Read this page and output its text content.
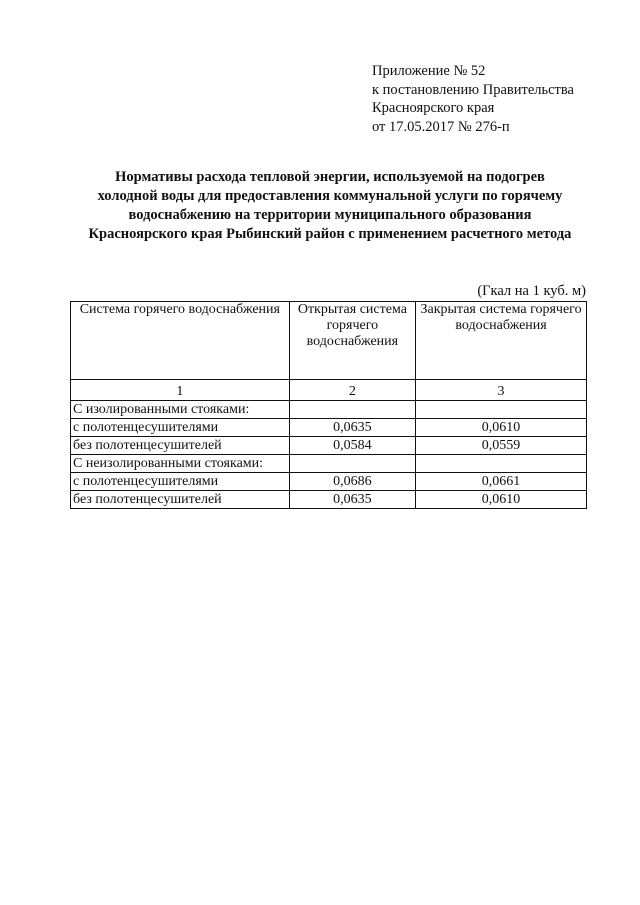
Приложение № 52
к постановлению Правительства
Красноярского края
от 17.05.2017 № 276-п
Нормативы расхода тепловой энергии, используемой на подогрев
холодной воды для предоставления коммунальной услуги по горячему
водоснабжению на территории муниципального образования
Красноярского края Рыбинский район с применением расчетного метода
(Гкал на 1 куб. м)
Система горячего водоснабжения	Открытая система горячего водоснабжения	Закрытая система горячего водоснабжения
1	2	3
С изолированными стояками:		
с полотенцесушителями	0,0635	0,0610
без полотенцесушителей	0,0584	0,0559
С неизолированными стояками:		
с полотенцесушителями	0,0686	0,0661
без полотенцесушителей	0,0635	0,0610
